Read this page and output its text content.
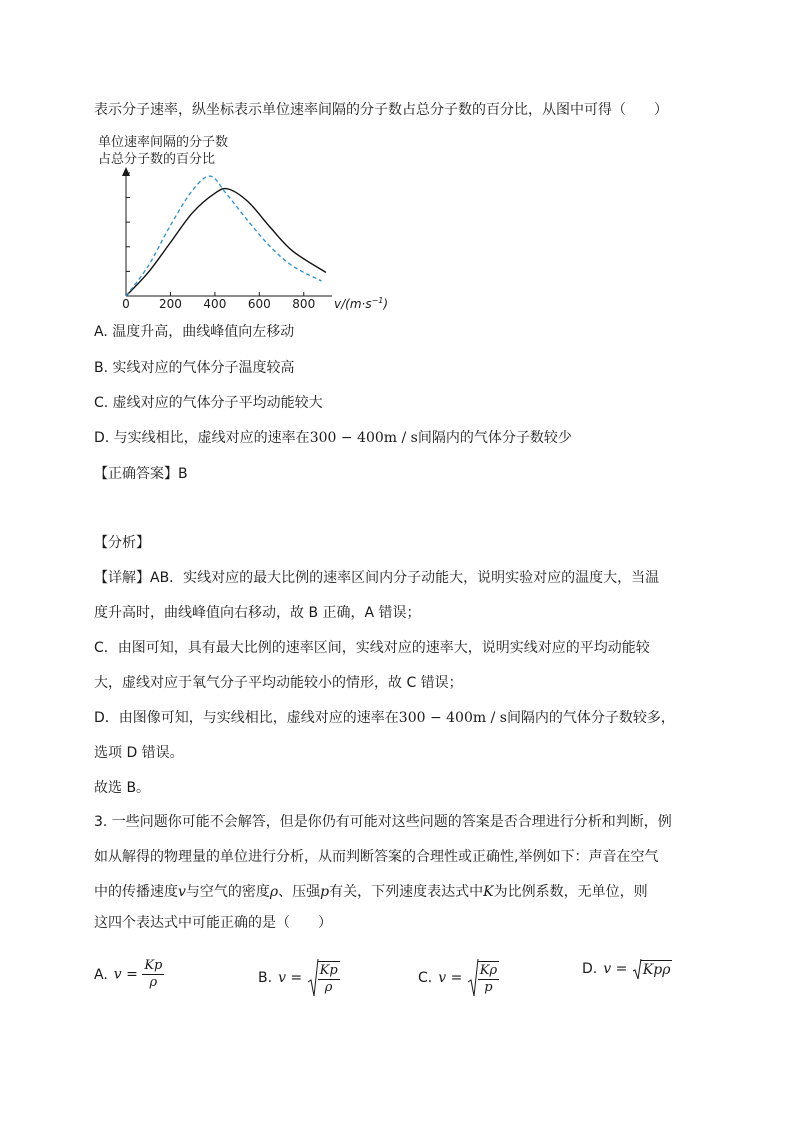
表示分子速率，纵坐标表示单位速率间隔的分子数占总分子数的百分比，从图中可得（　　）
单位速率间隔的分子数
占总分子数的百分比
0 200 400 600 800 $v/(m\cdot s^{-1})$
A. 温度升高，曲线峰值向左移动
B. 实线对应的气体分子温度较高
C. 虚线对应的气体分子平均动能较大
D. 与实线相比，虚线对应的速率在300 − 400m / s间隔内的气体分子数较少
【正确答案】B
【分析】
【详解】AB．实线对应的最大比例的速率区间内分子动能大，说明实验对应的温度大，当温
度升高时，曲线峰值向右移动，故 B 正确，A 错误；
C．由图可知，具有最大比例的速率区间，实线对应的速率大，说明实线对应的平均动能较
大，虚线对应于氧气分子平均动能较小的情形，故 C 错误；
D．由图像可知，与实线相比，虚线对应的速率在300 − 400m / s间隔内的气体分子数较多，
选项 D 错误。
故选 B。
3. 一些问题你可能不会解答，但是你仍有可能对这些问题的答案是否合理进行分析和判断，例
如从解得的物理量的单位进行分析，从而判断答案的合理性或正确性,举例如下：声音在空气
中的传播速度v与空气的密度ρ、压强p有关，下列速度表达式中K为比例系数，无单位，则
这四个表达式中可能正确的是（　　）
A. $v = \frac{Kp}{\rho}$	B. $v = \frac{Kp}{\rho}$	C. $v = \frac{K\rho}{p}$	D. v = Kpρ
